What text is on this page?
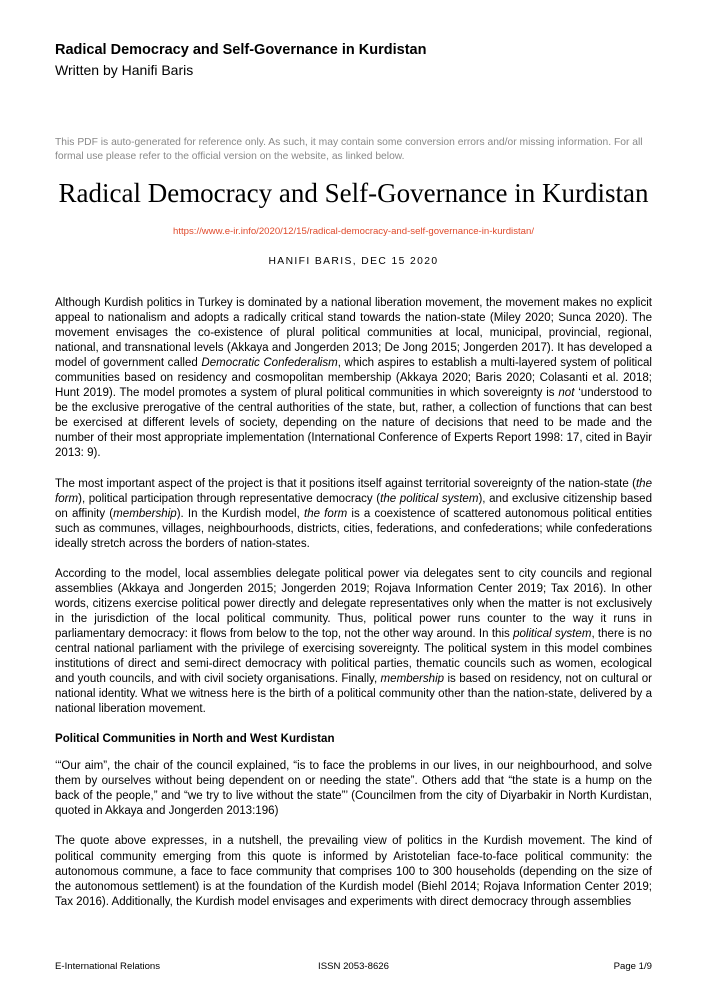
Radical Democracy and Self-Governance in Kurdistan
Written by Hanifi Baris
This PDF is auto-generated for reference only. As such, it may contain some conversion errors and/or missing information. For all formal use please refer to the official version on the website, as linked below.
Radical Democracy and Self-Governance in Kurdistan
https://www.e-ir.info/2020/12/15/radical-democracy-and-self-governance-in-kurdistan/
HANIFI BARIS, DEC 15 2020

Although Kurdish politics in Turkey is dominated by a national liberation movement, the movement makes no explicit appeal to nationalism and adopts a radically critical stand towards the nation-state (Miley 2020; Sunca 2020). The movement envisages the co-existence of plural political communities at local, municipal, provincial, regional, national, and transnational levels (Akkaya and Jongerden 2013; De Jong 2015; Jongerden 2017). It has developed a model of government called Democratic Confederalism, which aspires to establish a multi-layered system of political communities based on residency and cosmopolitan membership (Akkaya 2020; Baris 2020; Colasanti et al. 2018; Hunt 2019). The model promotes a system of plural political communities in which sovereignty is not ‘understood to be the exclusive prerogative of the central authorities of the state, but, rather, a collection of functions that can best be exercised at different levels of society, depending on the nature of decisions that need to be made and the number of their most appropriate implementation (International Conference of Experts Report 1998: 17, cited in Bayir 2013: 9).

The most important aspect of the project is that it positions itself against territorial sovereignty of the nation-state (the form), political participation through representative democracy (the political system), and exclusive citizenship based on affinity (membership). In the Kurdish model, the form is a coexistence of scattered autonomous political entities such as communes, villages, neighbourhoods, districts, cities, federations, and confederations; while confederations ideally stretch across the borders of nation-states.

According to the model, local assemblies delegate political power via delegates sent to city councils and regional assemblies (Akkaya and Jongerden 2015; Jongerden 2019; Rojava Information Center 2019; Tax 2016). In other words, citizens exercise political power directly and delegate representatives only when the matter is not exclusively in the jurisdiction of the local political community. Thus, political power runs counter to the way it runs in parliamentary democracy: it flows from below to the top, not the other way around. In this political system, there is no central national parliament with the privilege of exercising sovereignty. The political system in this model combines institutions of direct and semi-direct democracy with political parties, thematic councils such as women, ecological and youth councils, and with civil society organisations. Finally, membership is based on residency, not on cultural or national identity. What we witness here is the birth of a political community other than the nation-state, delivered by a national liberation movement.

Political Communities in North and West Kurdistan

‘“Our aim”, the chair of the council explained, “is to face the problems in our lives, in our neighbourhood, and solve them by ourselves without being dependent on or needing the state”. Others add that “the state is a hump on the back of the people,” and “we try to live without the state”’ (Councilmen from the city of Diyarbakir in North Kurdistan, quoted in Akkaya and Jongerden 2013:196)

The quote above expresses, in a nutshell, the prevailing view of politics in the Kurdish movement. The kind of political community emerging from this quote is informed by Aristotelian face-to-face political community: the autonomous commune, a face to face community that comprises 100 to 300 households (depending on the size of the autonomous settlement) is at the foundation of the Kurdish model (Biehl 2014; Rojava Information Center 2019; Tax 2016). Additionally, the Kurdish model envisages and experiments with direct democracy through assemblies

E-International Relations	ISSN 2053-8626	Page 1/9
